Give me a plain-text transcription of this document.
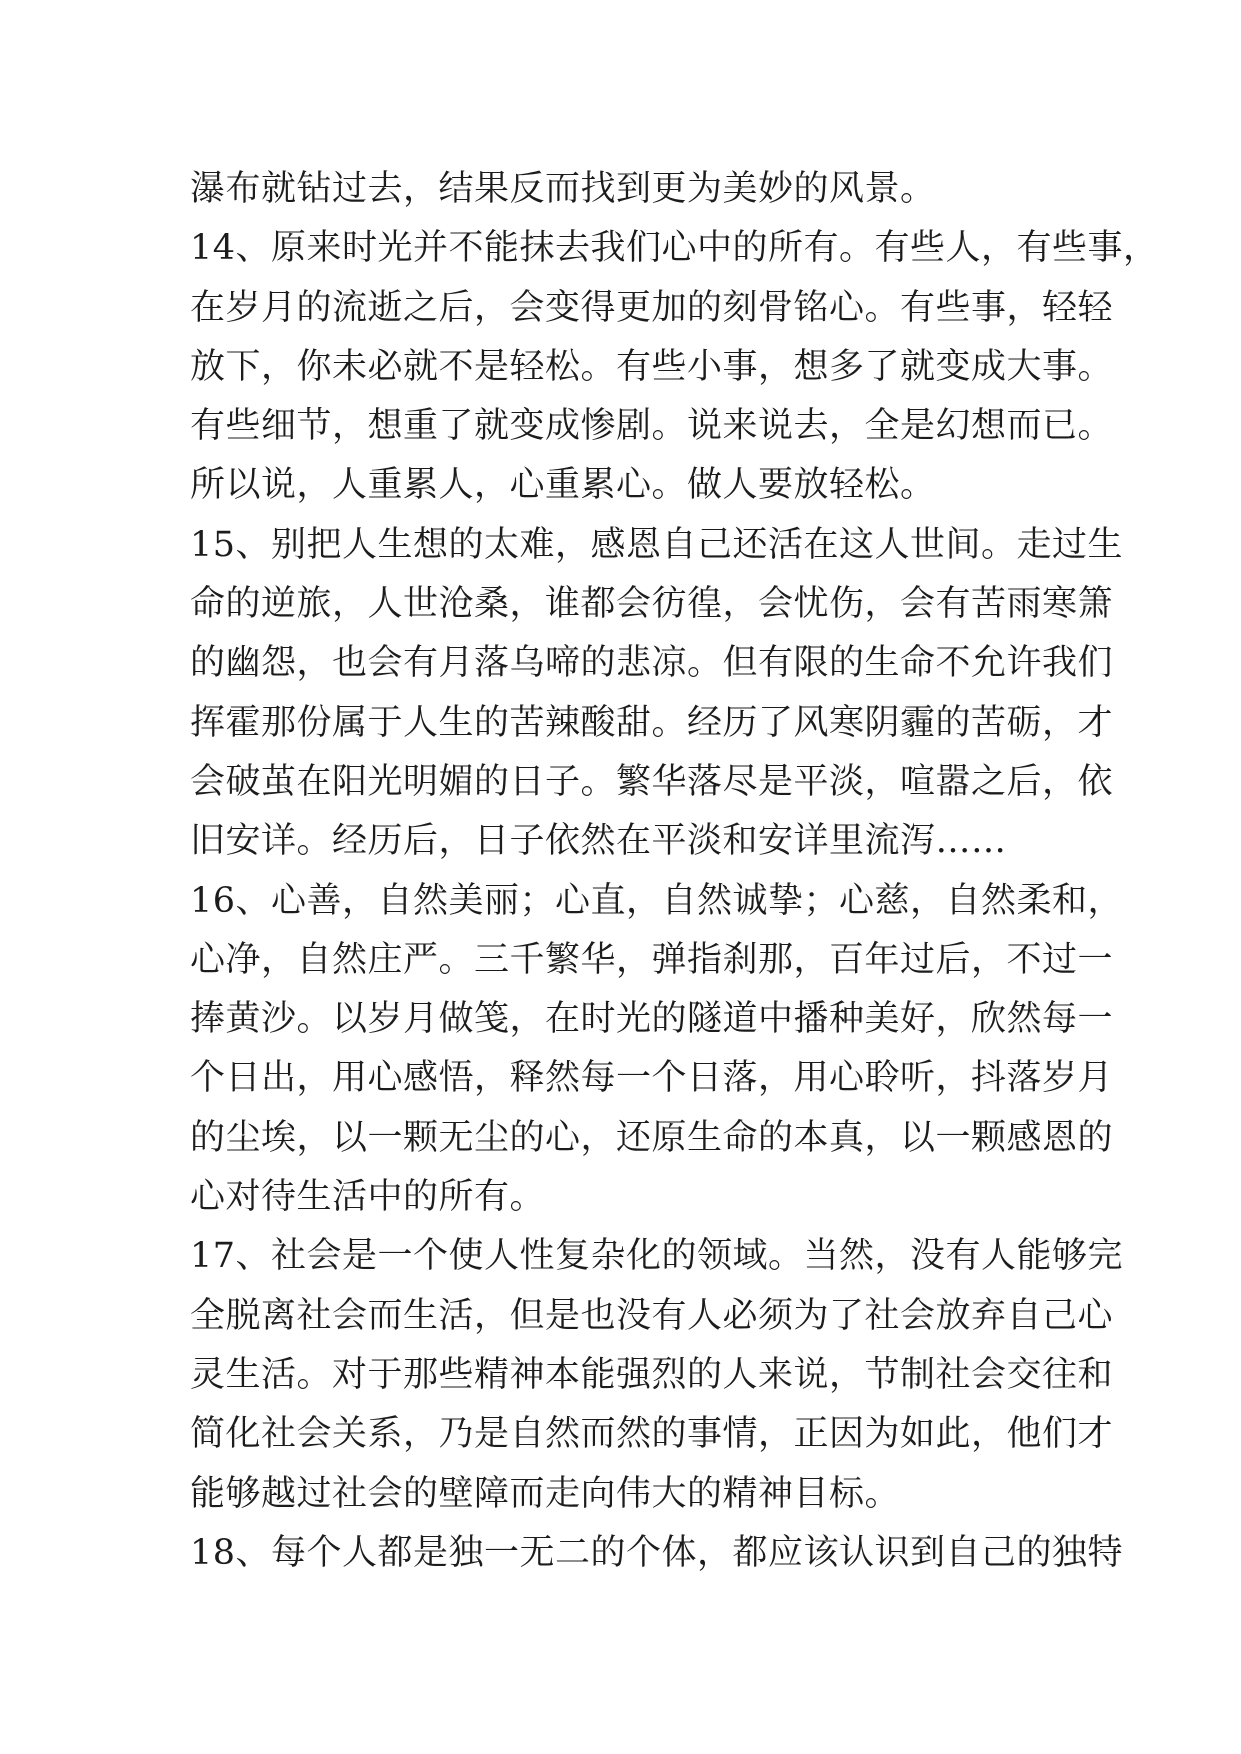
瀑布就钻过去，结果反而找到更为美妙的风景。
14、原来时光并不能抹去我们心中的所有。有些人，有些事，
在岁月的流逝之后，会变得更加的刻骨铭心。有些事，轻轻
放下，你未必就不是轻松。有些小事，想多了就变成大事。
有些细节，想重了就变成惨剧。说来说去，全是幻想而已。
所以说，人重累人，心重累心。做人要放轻松。
15、别把人生想的太难，感恩自己还活在这人世间。走过生
命的逆旅，人世沧桑，谁都会彷徨，会忧伤，会有苦雨寒箫
的幽怨，也会有月落乌啼的悲凉。但有限的生命不允许我们
挥霍那份属于人生的苦辣酸甜。经历了风寒阴霾的苦砺，才
会破茧在阳光明媚的日子。繁华落尽是平淡，喧嚣之后，依
旧安详。经历后，日子依然在平淡和安详里流泻……
16、心善，自然美丽；心直，自然诚挚；心慈，自然柔和，
心净，自然庄严。三千繁华，弹指刹那，百年过后，不过一
捧黄沙。以岁月做笺，在时光的隧道中播种美好，欣然每一
个日出，用心感悟，释然每一个日落，用心聆听，抖落岁月
的尘埃，以一颗无尘的心，还原生命的本真，以一颗感恩的
心对待生活中的所有。
17、社会是一个使人性复杂化的领域。当然，没有人能够完
全脱离社会而生活，但是也没有人必须为了社会放弃自己心
灵生活。对于那些精神本能强烈的人来说，节制社会交往和
简化社会关系，乃是自然而然的事情，正因为如此，他们才
能够越过社会的壁障而走向伟大的精神目标。
18、每个人都是独一无二的个体，都应该认识到自己的独特
